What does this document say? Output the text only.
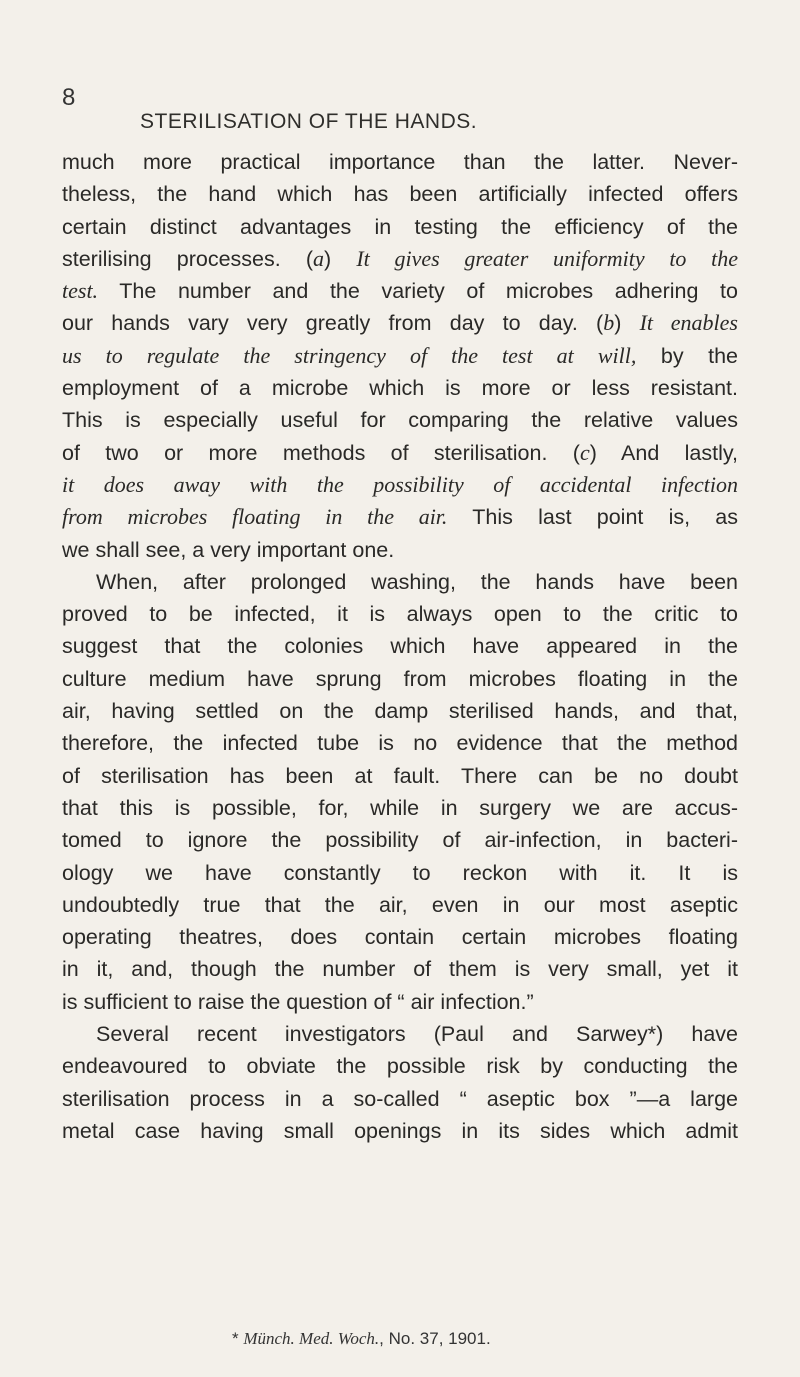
8
STERILISATION OF THE HANDS.
much more practical importance than the latter. Never-
theless, the hand which has been artificially infected offers
certain distinct advantages in testing the efficiency of the
sterilising processes. (a) It gives greater uniformity to the
test. The number and the variety of microbes adhering to
our hands vary very greatly from day to day. (b) It enables
us to regulate the stringency of the test at will, by the
employment of a microbe which is more or less resistant.
This is especially useful for comparing the relative values
of two or more methods of sterilisation. (c) And lastly,
it does away with the possibility of accidental infection
from microbes floating in the air. This last point is, as
we shall see, a very important one.
When, after prolonged washing, the hands have been
proved to be infected, it is always open to the critic to
suggest that the colonies which have appeared in the
culture medium have sprung from microbes floating in the
air, having settled on the damp sterilised hands, and that,
therefore, the infected tube is no evidence that the method
of sterilisation has been at fault. There can be no doubt
that this is possible, for, while in surgery we are accus-
tomed to ignore the possibility of air-infection, in bacteri-
ology we have constantly to reckon with it. It is
undoubtedly true that the air, even in our most aseptic
operating theatres, does contain certain microbes floating
in it, and, though the number of them is very small, yet it
is sufficient to raise the question of “ air infection.”
Several recent investigators (Paul and Sarwey*) have
endeavoured to obviate the possible risk by conducting the
sterilisation process in a so-called “ aseptic box ”—a large
metal case having small openings in its sides which admit
* Münch. Med. Woch., No. 37, 1901.
